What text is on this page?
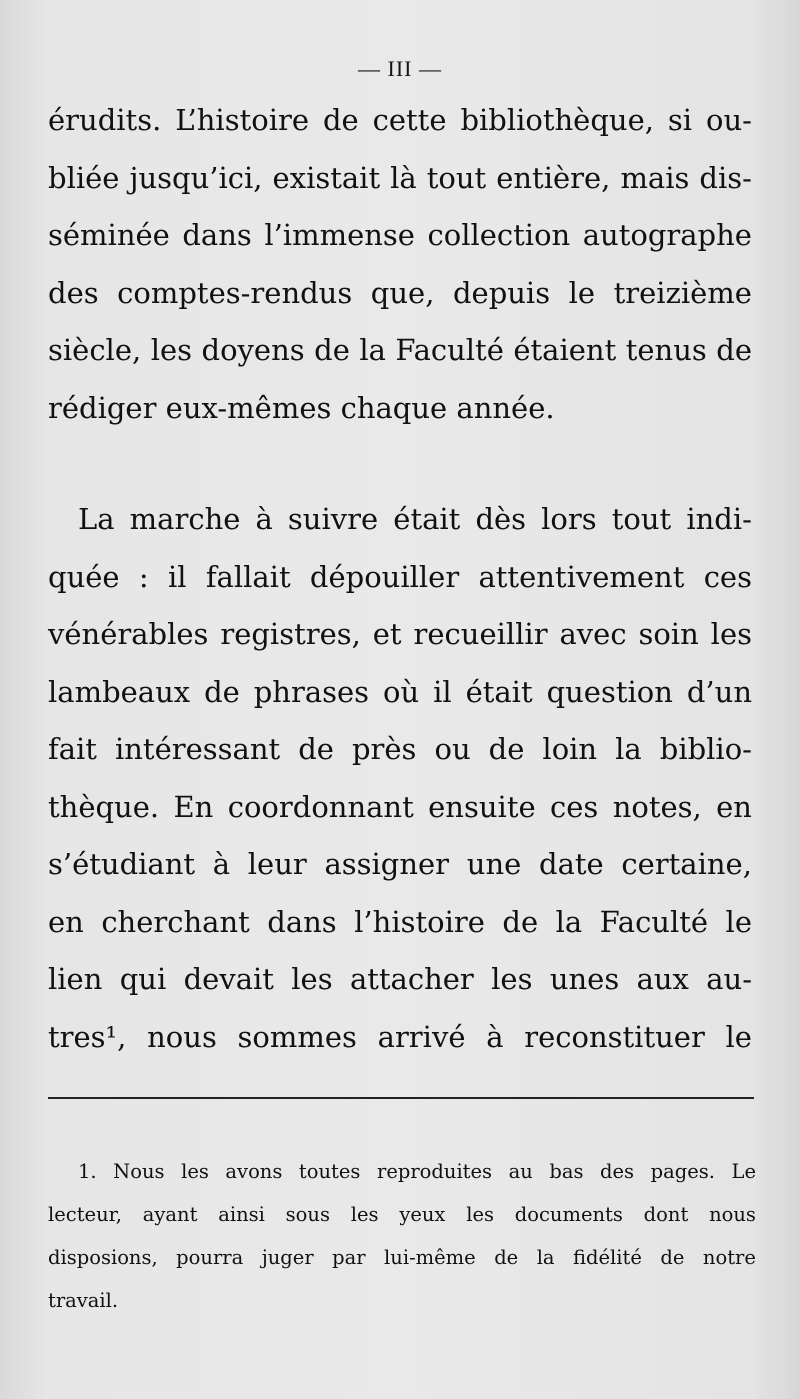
— III —
érudits. L’histoire de cette bibliothèque, si ou-
bliée jusqu’ici, existait là tout entière, mais dis-
séminée dans l’immense collection autographe
des comptes-rendus que, depuis le treizième
siècle, les doyens de la Faculté étaient tenus de
rédiger eux-mêmes chaque année.
La marche à suivre était dès lors tout indi-
quée : il fallait dépouiller attentivement ces
vénérables registres, et recueillir avec soin les
lambeaux de phrases où il était question d’un
fait intéressant de près ou de loin la biblio-
thèque. En coordonnant ensuite ces notes, en
s’étudiant à leur assigner une date certaine,
en cherchant dans l’histoire de la Faculté le
lien qui devait les attacher les unes aux au-
tres¹, nous sommes arrivé à reconstituer le
1. Nous les avons toutes reproduites au bas des pages. Le
lecteur, ayant ainsi sous les yeux les documents dont nous
disposions, pourra juger par lui-même de la fidélité de notre
travail.
